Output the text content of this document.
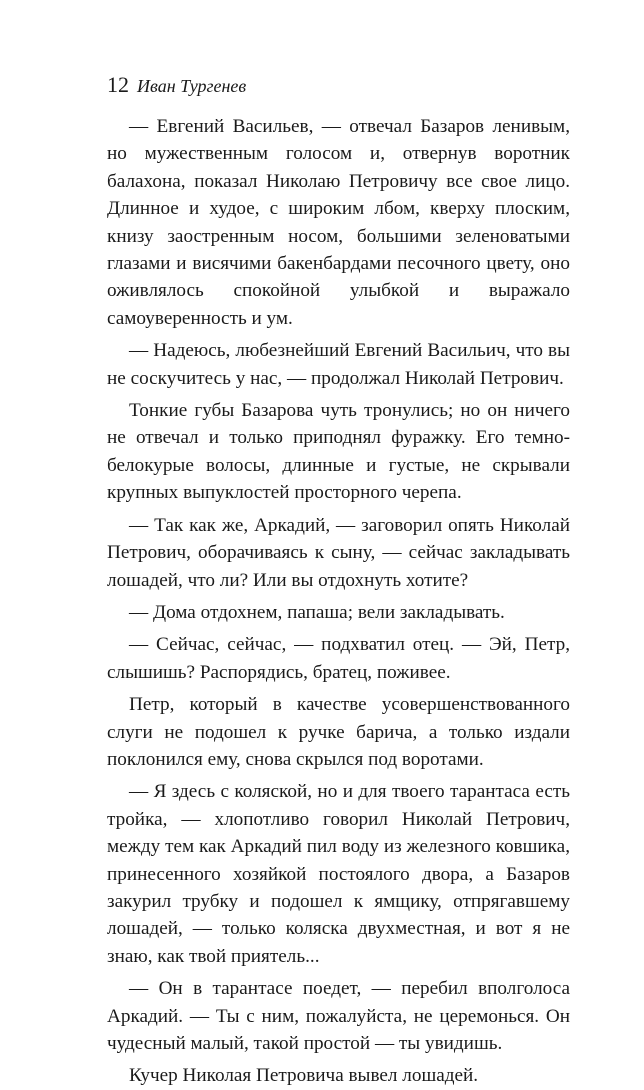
12 Иван Тургенев

— Евгений Васильев, — отвечал Базаров ленивым, но мужественным голосом и, отвернув воротник балахона, показал Николаю Петровичу все свое лицо. Длинное и худое, с широким лбом, кверху плоским, книзу заостренным носом, большими зеленоватыми глазами и висячими бакенбардами песочного цвету, оно оживлялось спокойной улыбкой и выражало самоуверенность и ум.

— Надеюсь, любезнейший Евгений Васильич, что вы не соскучитесь у нас, — продолжал Николай Петрович.

Тонкие губы Базарова чуть тронулись; но он ничего не отвечал и только приподнял фуражку. Его темно-белокурые волосы, длинные и густые, не скрывали крупных выпуклостей просторного черепа.

— Так как же, Аркадий, — заговорил опять Николай Петрович, оборачиваясь к сыну, — сейчас закладывать лошадей, что ли? Или вы отдохнуть хотите?

— Дома отдохнем, папаша; вели закладывать.

— Сейчас, сейчас, — подхватил отец. — Эй, Петр, слышишь? Распорядись, братец, поживее.

Петр, который в качестве усовершенствованного слуги не подошел к ручке барича, а только издали поклонился ему, снова скрылся под воротами.

— Я здесь с коляской, но и для твоего тарантаса есть тройка, — хлопотливо говорил Николай Петрович, между тем как Аркадий пил воду из железного ковшика, принесенного хозяйкой постоялого двора, а Базаров закурил трубку и подошел к ямщику, отпрягавшему лошадей, — только коляска двухместная, и вот я не знаю, как твой приятель...

— Он в тарантасе поедет, — перебил вполголоса Аркадий. — Ты с ним, пожалуйста, не церемонься. Он чудесный малый, такой простой — ты увидишь.

Кучер Николая Петровича вывел лошадей.
